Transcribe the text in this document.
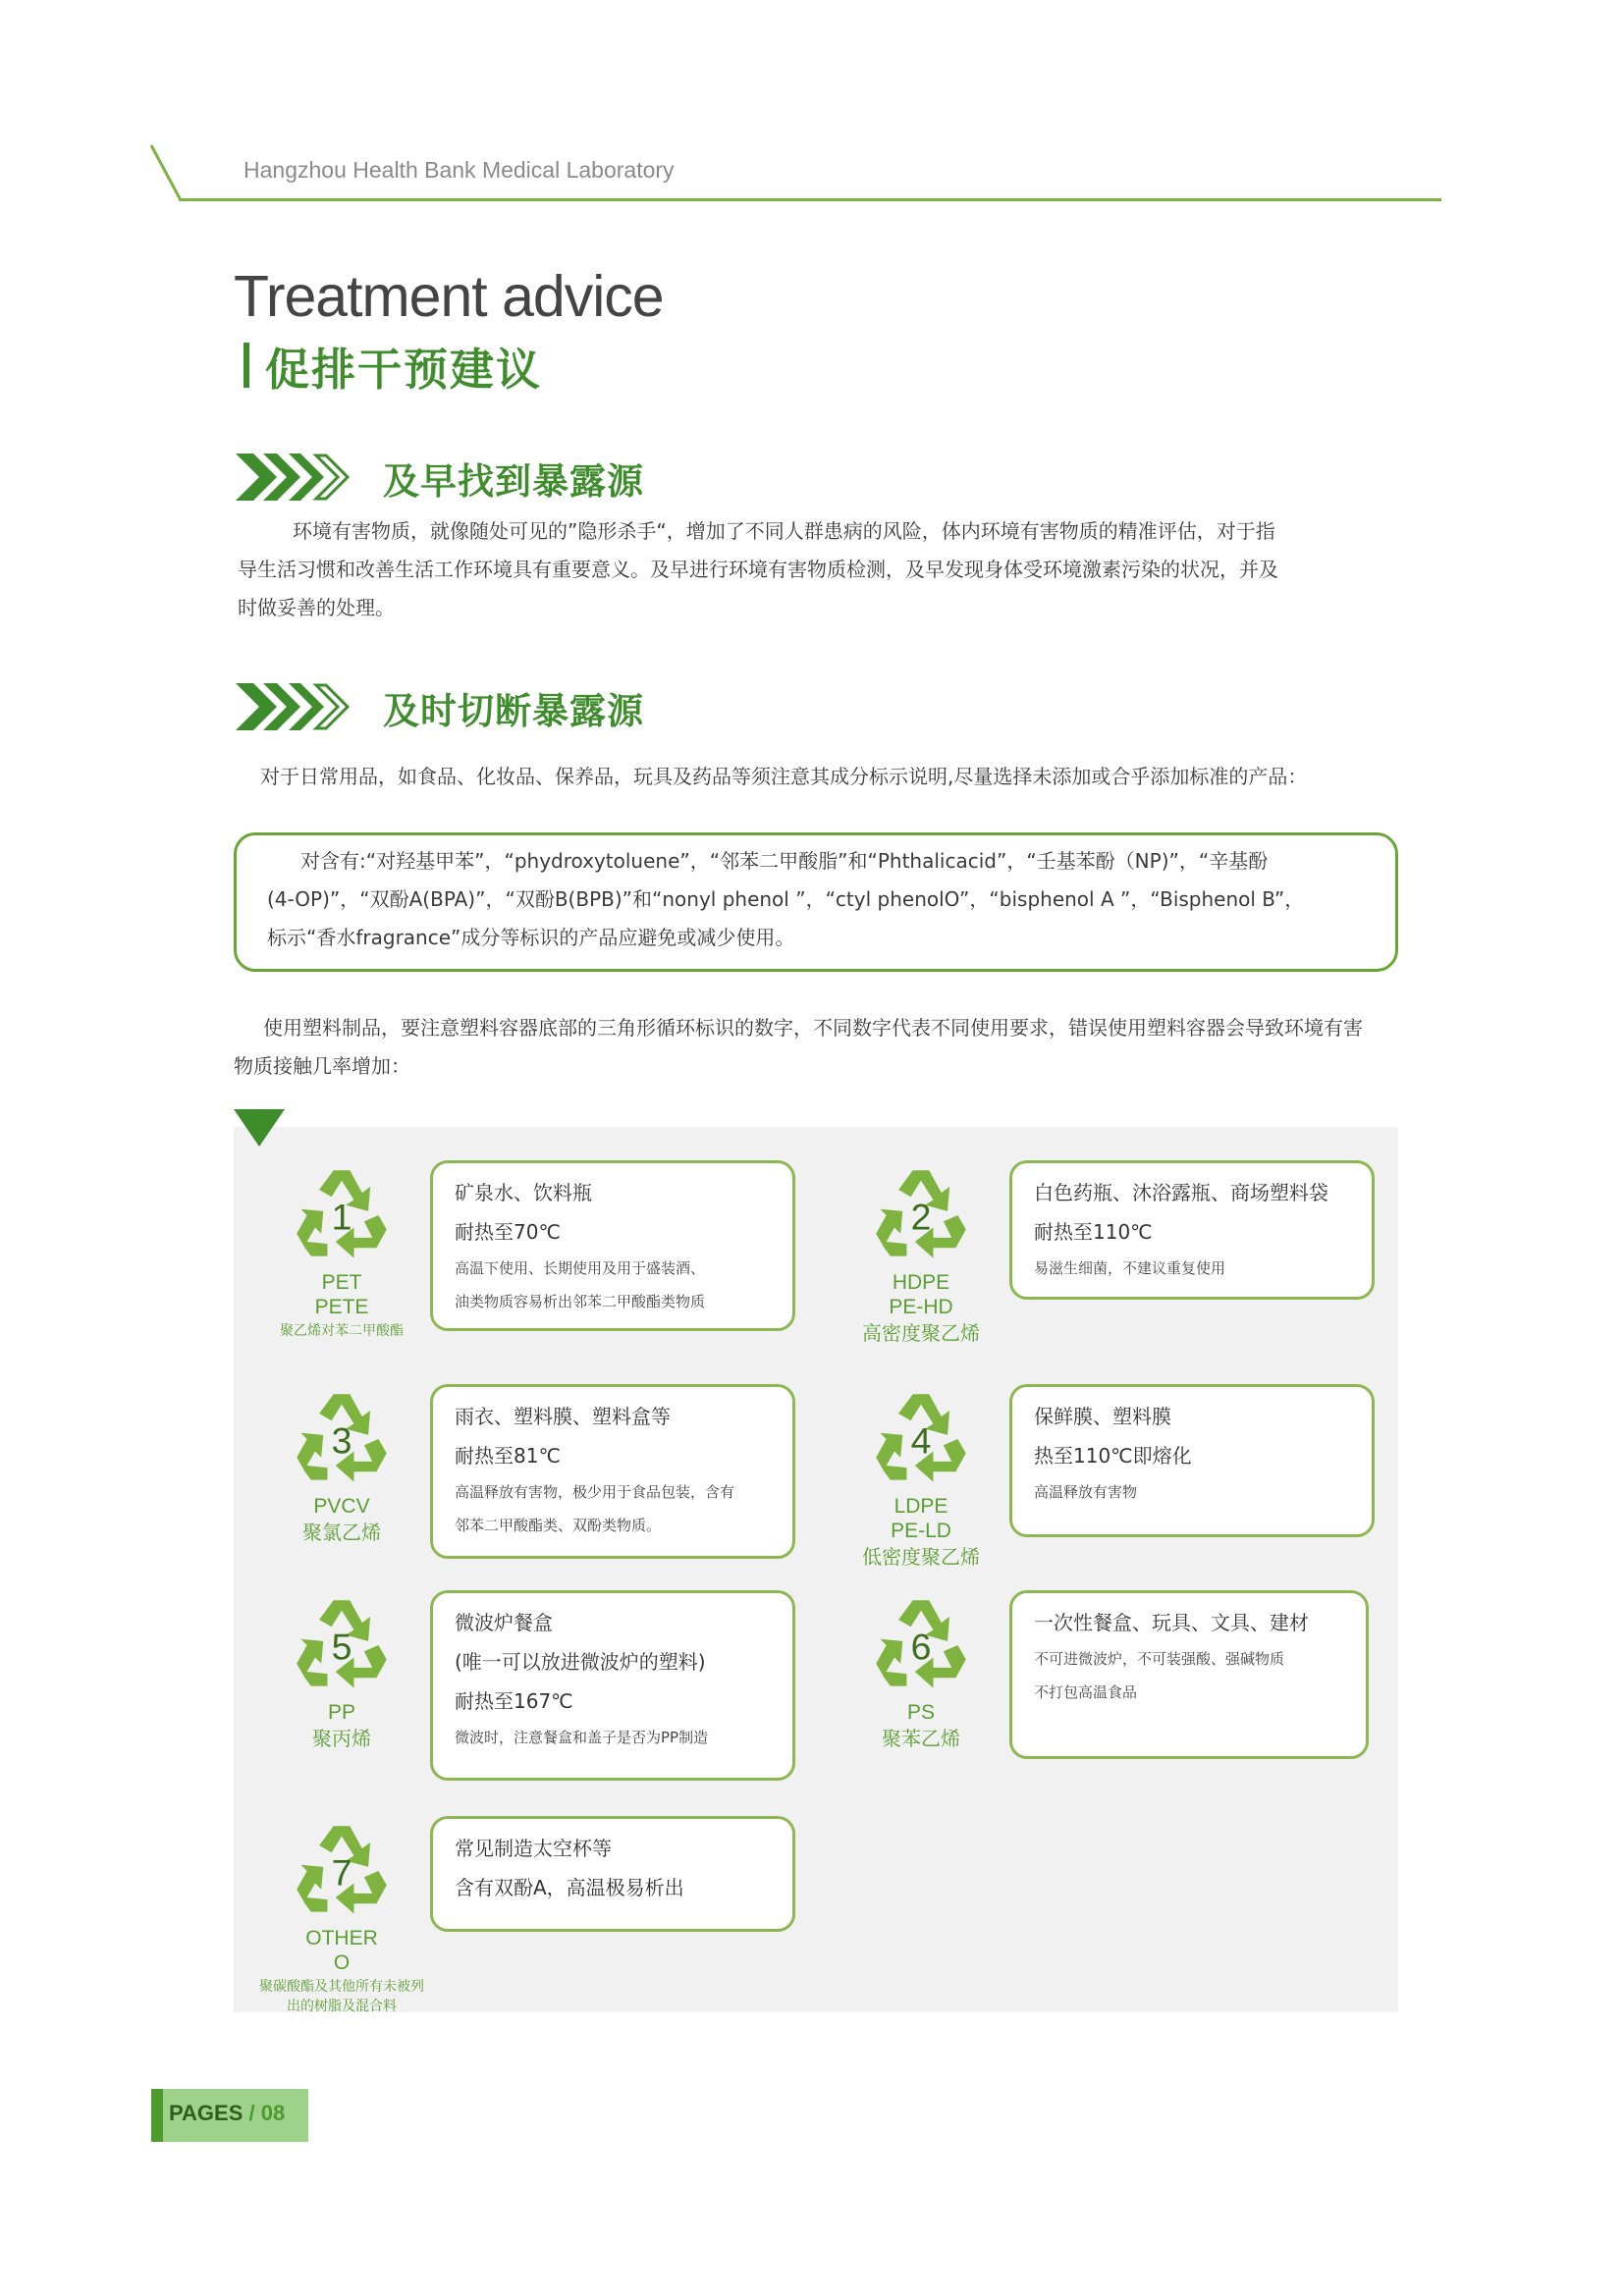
Hangzhou Health Bank Medical Laboratory
Treatment advice
促排干预建议
及早找到暴露源
环境有害物质，就像随处可见的”隐形杀手“，增加了不同人群患病的风险，体内环境有害物质的精准评估，对于指
导生活习惯和改善生活工作环境具有重要意义。及早进行环境有害物质检测，及早发现身体受环境激素污染的状况，并及
时做妥善的处理。
及时切断暴露源
对于日常用品，如食品、化妆品、保养品，玩具及药品等须注意其成分标示说明,尽量选择未添加或合乎添加标准的产品：
对含有:“对羟基甲苯”，“phydroxytoluene”，“邻苯二甲酸脂”和“Phthalicacid”，“壬基苯酚（NP)”，“辛基酚
(4-OP)”，“双酚A(BPA)”，“双酚B(BPB)”和“nonyl phenol ”，“ctyl phenolO”，“bisphenol A ”，“Bisphenol B”，
标示“香水fragrance”成分等标识的产品应避免或减少使用。
使用塑料制品，要注意塑料容器底部的三角形循环标识的数字，不同数字代表不同使用要求，错误使用塑料容器会导致环境有害
物质接触几率增加：
1
PET
PETE
聚乙烯对苯二甲酸酯
矿泉水、饮料瓶
耐热至70℃
高温下使用、长期使用及用于盛装酒、
油类物质容易析出邻苯二甲酸酯类物质
2
HDPE
PE-HD
高密度聚乙烯
白色药瓶、沐浴露瓶、商场塑料袋
耐热至110℃
易滋生细菌，不建议重复使用
3
PVCV
聚氯乙烯
雨衣、塑料膜、塑料盒等
耐热至81℃
高温释放有害物，极少用于食品包装，含有
邻苯二甲酸酯类、双酚类物质。
4
LDPE
PE-LD
低密度聚乙烯
保鲜膜、塑料膜
热至110℃即熔化
高温释放有害物
5
PP
聚丙烯
微波炉餐盒
(唯一可以放进微波炉的塑料)
耐热至167℃
微波时，注意餐盒和盖子是否为PP制造
6
PS
聚苯乙烯
一次性餐盒、玩具、文具、建材
不可进微波炉，不可装强酸、强碱物质
不打包高温食品
7
OTHER
O
聚碳酸酯及其他所有未被列出的树脂及混合料
常见制造太空杯等
含有双酚A，高温极易析出
PAGES / 08
